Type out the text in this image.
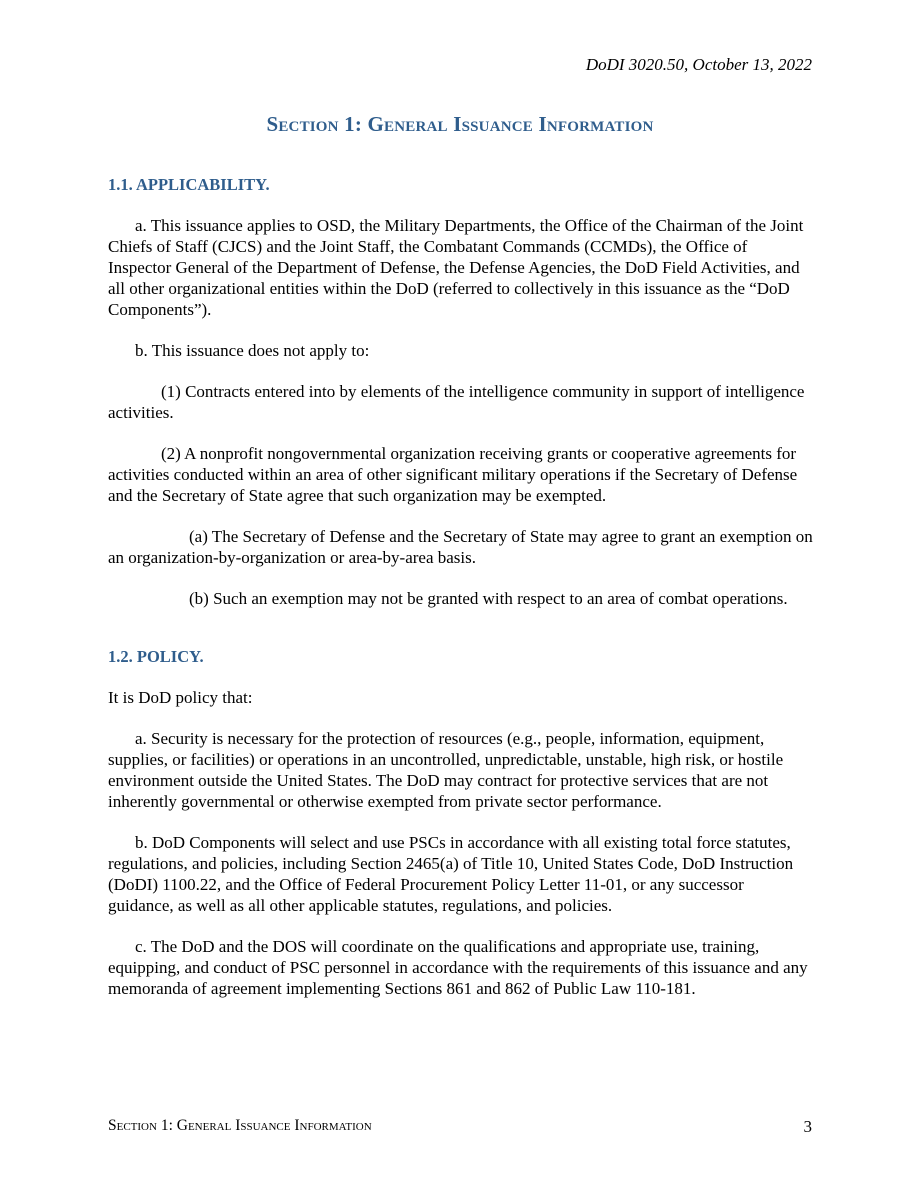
DoDI 3020.50, October 13, 2022
Section 1: General Issuance Information
1.1. APPLICABILITY.

a. This issuance applies to OSD, the Military Departments, the Office of the Chairman of the Joint Chiefs of Staff (CJCS) and the Joint Staff, the Combatant Commands (CCMDs), the Office of Inspector General of the Department of Defense, the Defense Agencies, the DoD Field Activities, and all other organizational entities within the DoD (referred to collectively in this issuance as the “DoD Components”).

b. This issuance does not apply to:

(1) Contracts entered into by elements of the intelligence community in support of intelligence activities.

(2) A nonprofit nongovernmental organization receiving grants or cooperative agreements for activities conducted within an area of other significant military operations if the Secretary of Defense and the Secretary of State agree that such organization may be exempted.

(a) The Secretary of Defense and the Secretary of State may agree to grant an exemption on an organization-by-organization or area-by-area basis.

(b) Such an exemption may not be granted with respect to an area of combat operations.

1.2. POLICY.

It is DoD policy that:

a. Security is necessary for the protection of resources (e.g., people, information, equipment, supplies, or facilities) or operations in an uncontrolled, unpredictable, unstable, high risk, or hostile environment outside the United States. The DoD may contract for protective services that are not inherently governmental or otherwise exempted from private sector performance.

b. DoD Components will select and use PSCs in accordance with all existing total force statutes, regulations, and policies, including Section 2465(a) of Title 10, United States Code, DoD Instruction (DoDI) 1100.22, and the Office of Federal Procurement Policy Letter 11-01, or any successor guidance, as well as all other applicable statutes, regulations, and policies.

c. The DoD and the DOS will coordinate on the qualifications and appropriate use, training, equipping, and conduct of PSC personnel in accordance with the requirements of this issuance and any memoranda of agreement implementing Sections 861 and 862 of Public Law 110-181.

Section 1: General Issuance Information	3
